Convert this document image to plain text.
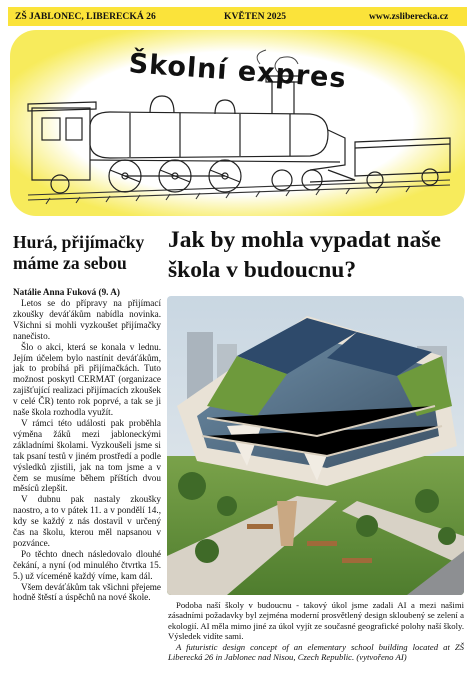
ZŠ JABLONEC, LIBERECKÁ 26	KVĚTEN 2025	www.zsliberecka.cz
Školní expres
Hurá, přijímačky
máme za sebou
Natálie Anna Fuková (9. A)

Letos se do přípravy na přijímací zkoušky deváťákům nabídla novinka. Všichni si mohli vyzkoušet přijímačky nanečisto.

Šlo o akci, která se konala v lednu. Jejím účelem bylo nastínit deváťákům, jak to probíhá při přijímačkách. Tuto možnost poskytl CERMAT (organizace zajišťující realizaci přijímacích zkoušek v celé ČR) tento rok poprvé, a tak se ji naše škola rozhodla využít.

V rámci této události pak proběhla výměna žáků mezi jabloneckými základními školami. Vyzkoušeli jsme si tak psaní testů v jiném prostředí a podle výsledků zjistili, jak na tom jsme a v čem se musíme během příštích dvou měsíců zlepšit.

V dubnu pak nastaly zkoušky naostro, a to v pátek 11. a v pondělí 14., kdy se každý z nás dostavil v určený čas na školu, kterou měl napsanou v pozvánce.

Po těchto dnech následovalo dlouhé čekání, a nyní (od minulého čtvrtka 15. 5.) už víceméně každý víme, kam dál.

Všem deváťákům tak všichni přejeme hodně štěstí a úspěchů na nové škole.

Jak by mohla vypadat naše
škola v budoucnu?

Podoba naší školy v budoucnu - takový úkol jsme zadali AI a mezi našimi zásadními požadavky byl zejména moderní prosvětlený design skloubený se zelení a ekologií. AI měla mimo jiné za úkol vyjít ze současné geografické polohy naší školy. Výsledek vidíte sami.

A futuristic design concept of an elementary school building located at ZŠ Liberecká 26 in Jablonec nad Nisou, Czech Republic. (vytvořeno AI)
